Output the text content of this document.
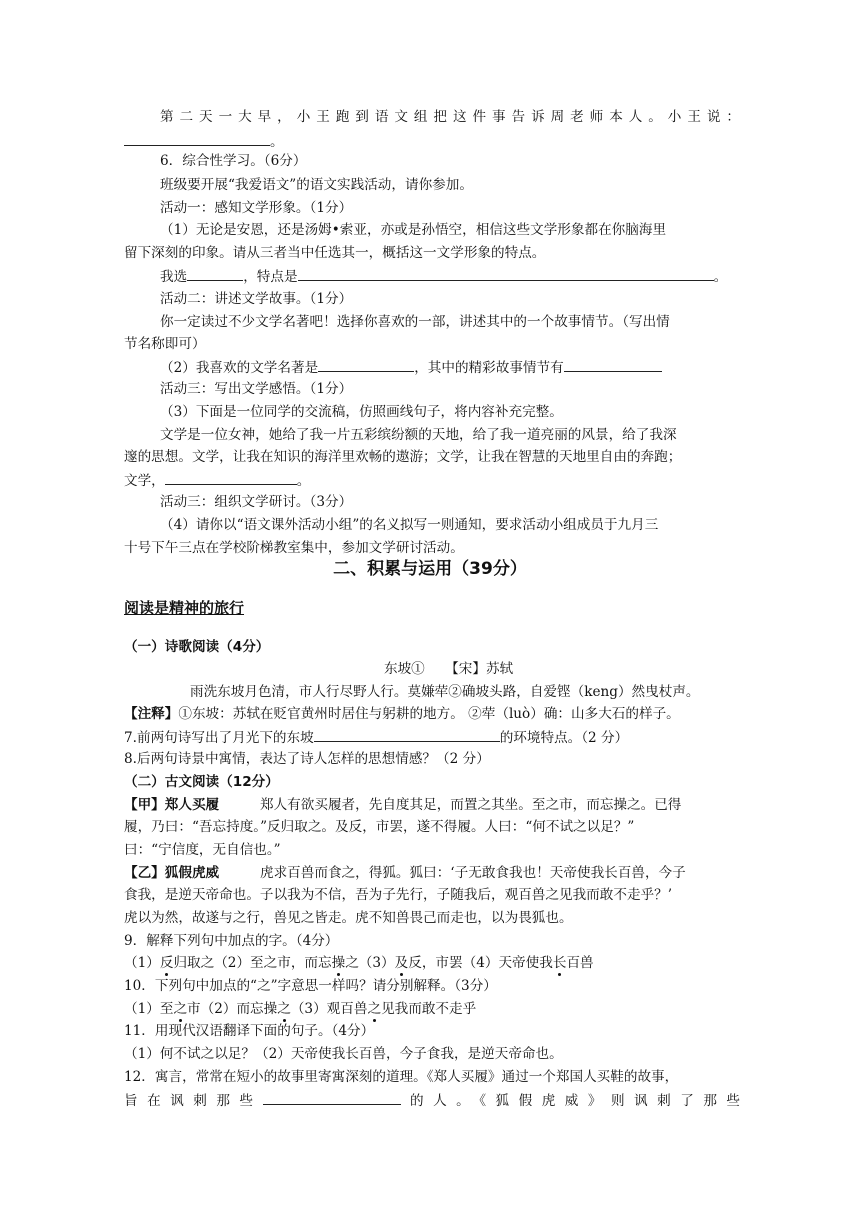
第二天一大早，小王跑到语文组把这件事告诉周老师本人。小王说：
。
6．综合性学习。（6分）
班级要开展“我爱语文”的语文实践活动，请你参加。
活动一：感知文学形象。（1分）
（1）无论是安恩，还是汤姆•索亚，亦或是孙悟空，相信这些文学形象都在你脑海里
留下深刻的印象。请从三者当中任选其一，概括这一文学形象的特点。
我选	，特点是	。
活动二：讲述文学故事。（1分）
你一定读过不少文学名著吧！选择你喜欢的一部，讲述其中的一个故事情节。（写出情
节名称即可）
（2）我喜欢的文学名著是	，其中的精彩故事情节有
活动三：写出文学感悟。（1分）
（3）下面是一位同学的交流稿，仿照画线句子，将内容补充完整。
文学是一位女神，她给了我一片五彩缤纷额的天地，给了我一道亮丽的风景，给了我深
邃的思想。文学，让我在知识的海洋里欢畅的遨游；文学，让我在智慧的天地里自由的奔跑；
文学，	。
活动三：组织文学研讨。（3分）
（4）请你以“语文课外活动小组”的名义拟写一则通知，要求活动小组成员于九月三
十号下午三点在学校阶梯教室集中，参加文学研讨活动。
二、积累与运用（39分）
阅读是精神的旅行
（一）诗歌阅读（4分）
东坡①　　【宋】苏轼
雨洗东坡月色清，市人行尽野人行。莫嫌荦②确坡头路，自爱铿（keng）然曳杖声。
【注释】①东坡：苏轼在贬官黄州时居住与躬耕的地方。 ②荦（luò）确：山多大石的样子。
7.前两句诗写出了月光下的东坡	的环境特点。（2 分）
8.后两句诗景中寓情，表达了诗人怎样的思想情感？（2 分）
（二）古文阅读（12分）
【甲】郑人买履	郑人有欲买履者，先自度其足，而置之其坐。至之市，而忘操之。已得
履，乃曰：“吾忘持度。”反归取之。及反，市罢，遂不得履。人曰：“何不试之以足？”
曰：“宁信度，无自信也。”
【乙】狐假虎威	虎求百兽而食之，得狐。狐曰：‘子无敢食我也！天帝使我长百兽，今子
食我，是逆天帝命也。子以我为不信，吾为子先行，子随我后，观百兽之见我而敢不走乎？’
虎以为然，故遂与之行，兽见之皆走。虎不知兽畏己而走也，以为畏狐也。
9．解释下列句中加点的字。（4分）
（1）反归取之（2）至之市，而忘操之（3）及反，市罢（4）天帝使我长百兽
10．下列句中加点的“之”字意思一样吗？请分别解释。（3分）
（1）至之市（2）而忘操之（3）观百兽之见我而敢不走乎
11．用现代汉语翻译下面的句子。（4分）
（1）何不试之以足？（2）天帝使我长百兽，今子食我，是逆天帝命也。
12．寓言，常常在短小的故事里寄寓深刻的道理。《郑人买履》通过一个郑国人买鞋的故事，
旨在讽刺那些	的人。《狐假虎威》则讽刺了那些
